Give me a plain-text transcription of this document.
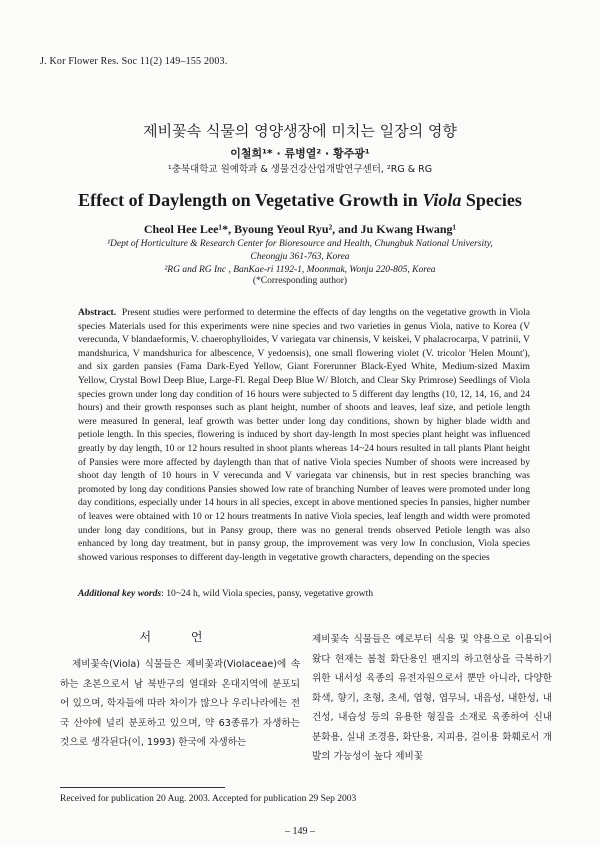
J. Kor Flower Res. Soc 11(2) 149–155 2003.
제비꽃속 식물의 영양생장에 미치는 일장의 영향
이철희¹* · 류병열² · 황주광¹
¹충북대학교 원예학과 & 생물건강산업개발연구센터, ²RG & RG
Effect of Daylength on Vegetative Growth in Viola Species
Cheol Hee Lee¹*, Byoung Yeoul Ryu², and Ju Kwang Hwang¹
¹Dept of Horticulture & Research Center for Bioresource and Health, Chungbuk National University,
Cheongju 361-763, Korea
²RG and RG Inc , BanKae-ri 1192-1, Moonmak, Wonju 220-805, Korea
(*Corresponding author)
Abstract. Present studies were performed to determine the effects of day lengths on the vegetative growth in Viola species Materials used for this experiments were nine species and two varieties in genus Viola, native to Korea (V verecunda, V blandaeformis, V. chaerophylloides, V variegata var chinensis, V keiskei, V phalacrocarpa, V patrinii, V mandshurica, V mandshurica for albescence, V yedoensis), one small flowering violet (V. tricolor 'Helen Mount'), and six garden pansies (Fama Dark-Eyed Yellow, Giant Forerunner Black-Eyed White, Medium-sized Maxim Yellow, Crystal Bowl Deep Blue, Large-Fl. Regal Deep Blue W/ Blotch, and Clear Sky Primrose) Seedlings of Viola species grown under long day condition of 16 hours were subjected to 5 different day lengths (10, 12, 14, 16, and 24 hours) and their growth responses such as plant height, number of shoots and leaves, leaf size, and petiole length were measured In general, leaf growth was better under long day conditions, shown by higher blade width and petiole length. In this species, flowering is induced by short day-length In most species plant height was influenced greatly by day length, 10 or 12 hours resulted in shoot plants whereas 14~24 hours resulted in tall plants Plant height of Pansies were more affected by daylength than that of native Viola species Number of shoots were increased by shoot day length of 10 hours in V verecunda and V variegata var chinensis, but in rest species branching was promoted by long day conditions Pansies showed low rate of branching Number of leaves were promoted under long day conditions, especially under 14 hours in all species, except in above mentioned species In pansies, higher number of leaves were obtained with 10 or 12 hours treatments In native Viola species, leaf length and width were promoted under long day conditions, but in Pansy group, there was no general trends observed Petiole length was also enhanced by long day treatment, but in pansy group, the improvement was very low In conclusion, Viola species showed various responses to different day-length in vegetative growth characters, depending on the species
Additional key words: 10~24 h, wild Viola species, pansy, vegetative growth
서 언
제비꽃속(Viola) 식물들은 제비꽃과(Violaceae)에 속하는 초본으로서 남 북반구의 열대와 온대지역에 분포되어 있으며, 학자들에 따라 차이가 많으나 우리나라에는 전국 산야에 널리 분포하고 있으며, 약 63종류가 자생하는 것으로 생각된다(이, 1993) 한국에 자생하는
제비꽃속 식물들은 예로부터 식용 및 약용으로 이용되어 왔다 현재는 봄철 화단용인 팬지의 하고현상을 극복하기 위한 내서성 육종의 유전자원으로서 뿐만 아니라, 다양한 화색, 향기, 초형, 초세, 엽형, 엽무늬, 내음성, 내한성, 내건성, 내습성 등의 유용한 형질을 소재로 육종하여 신내 분화용, 실내 조경용, 화단용, 지피용, 걸이용 화훼로서 개발의 가능성이 높다 제비꽃
Received for publication 20 Aug. 2003. Accepted for publication 29 Sep 2003
– 149 –
